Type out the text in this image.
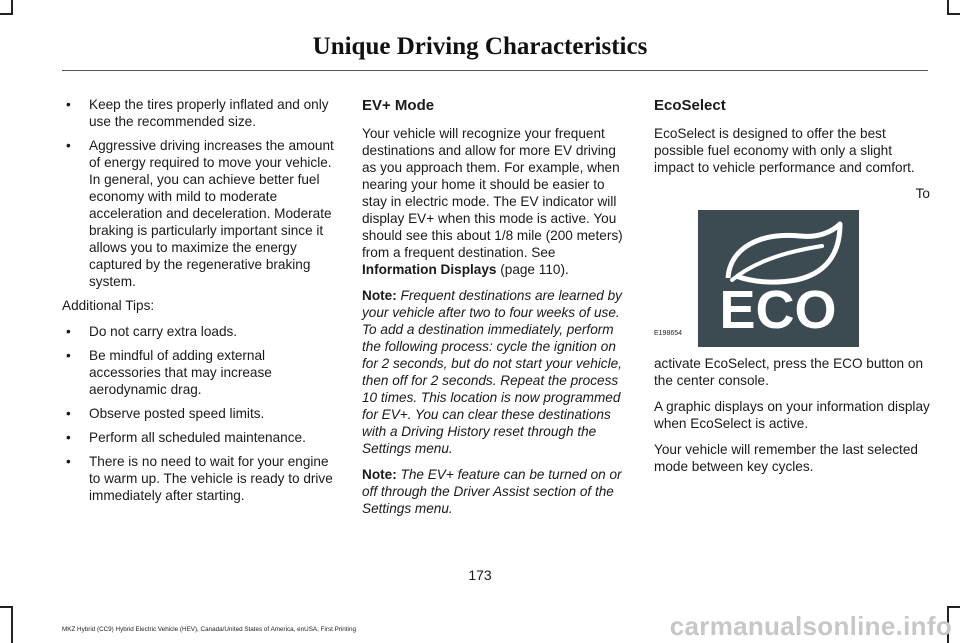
Unique Driving Characteristics
• Keep the tires properly inflated and only use the recommended size.
• Aggressive driving increases the amount of energy required to move your vehicle. In general, you can achieve better fuel economy with mild to moderate acceleration and deceleration. Moderate braking is particularly important since it allows you to maximize the energy captured by the regenerative braking system.

Additional Tips:

• Do not carry extra loads.
• Be mindful of adding external accessories that may increase aerodynamic drag.
• Observe posted speed limits.
• Perform all scheduled maintenance.
• There is no need to wait for your engine to warm up. The vehicle is ready to drive immediately after starting.
EV+ Mode

Your vehicle will recognize your frequent destinations and allow for more EV driving as you approach them. For example, when nearing your home it should be easier to stay in electric mode. The EV indicator will display EV+ when this mode is active. You should see this about 1/8 mile (200 meters) from a frequent destination. See Information Displays (page 110).

Note: Frequent destinations are learned by your vehicle after two to four weeks of use. To add a destination immediately, perform the following process: cycle the ignition on for 2 seconds, but do not start your vehicle, then off for 2 seconds. Repeat the process 10 times. This location is now programmed for EV+. You can clear these destinations with a Driving History reset through the Settings menu.

Note: The EV+ feature can be turned on or off through the Driver Assist section of the Settings menu.

EcoSelect

EcoSelect is designed to offer the best possible fuel economy with only a slight impact to vehicle performance and comfort.

To

ECO
E198654

activate EcoSelect, press the ECO button on the center console.

A graphic displays on your information display when EcoSelect is active.

Your vehicle will remember the last selected mode between key cycles.

173
MKZ Hybrid (CC9) Hybrid Electric Vehicle (HEV), Canada/United States of America, enUSA, First Printing	carmanualsonline.info
